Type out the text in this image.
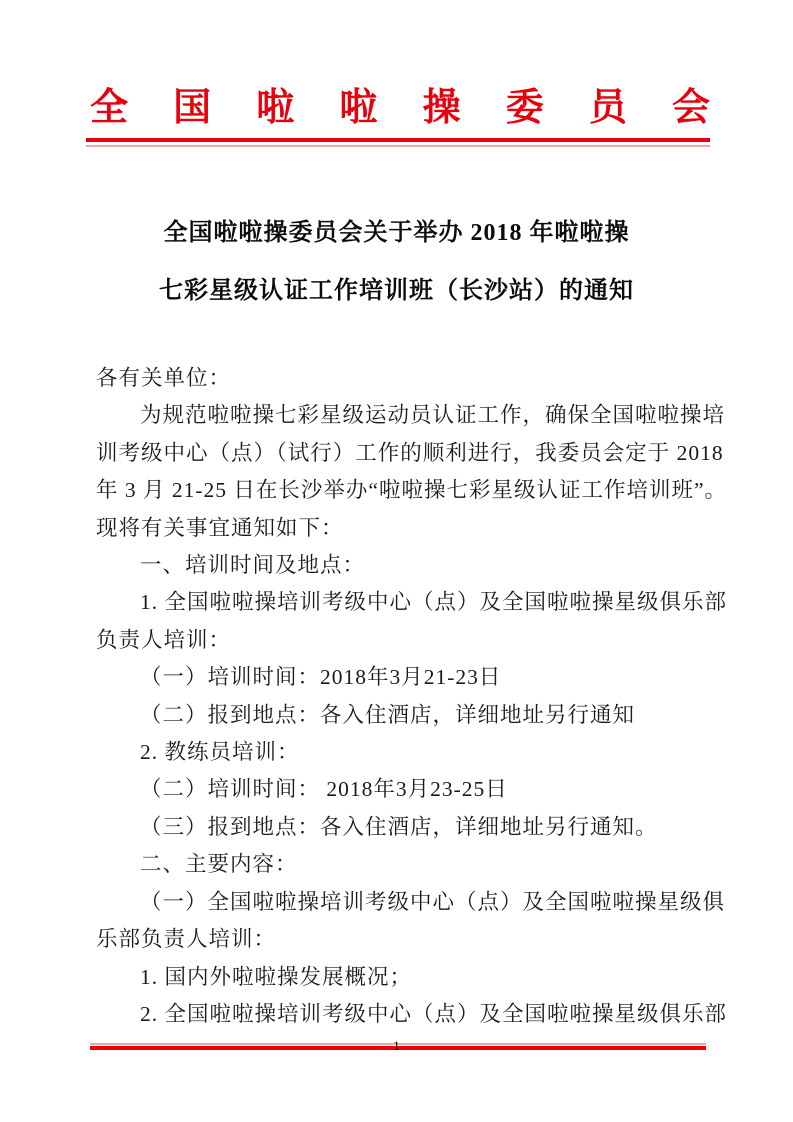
全 国 啦 啦 操 委 员 会
全国啦啦操委员会关于举办 2018 年啦啦操
七彩星级认证工作培训班（长沙站）的通知
各有关单位：
为规范啦啦操七彩星级运动员认证工作，确保全国啦啦操培
训考级中心（点）（试行）工作的顺利进行，我委员会定于 2018
年 3 月 21-25 日在长沙举办“啦啦操七彩星级认证工作培训班”。
现将有关事宜通知如下：
一、培训时间及地点：
1. 全国啦啦操培训考级中心（点）及全国啦啦操星级俱乐部
负责人培训：
（一）培训时间：2018年3月21-23日
（二）报到地点：各入住酒店，详细地址另行通知
2. 教练员培训：
（二）培训时间： 2018年3月23-25日
（三）报到地点：各入住酒店，详细地址另行通知。
二、主要内容：
（一）全国啦啦操培训考级中心（点）及全国啦啦操星级俱
乐部负责人培训：
1. 国内外啦啦操发展概况；
2. 全国啦啦操培训考级中心（点）及全国啦啦操星级俱乐部
1
